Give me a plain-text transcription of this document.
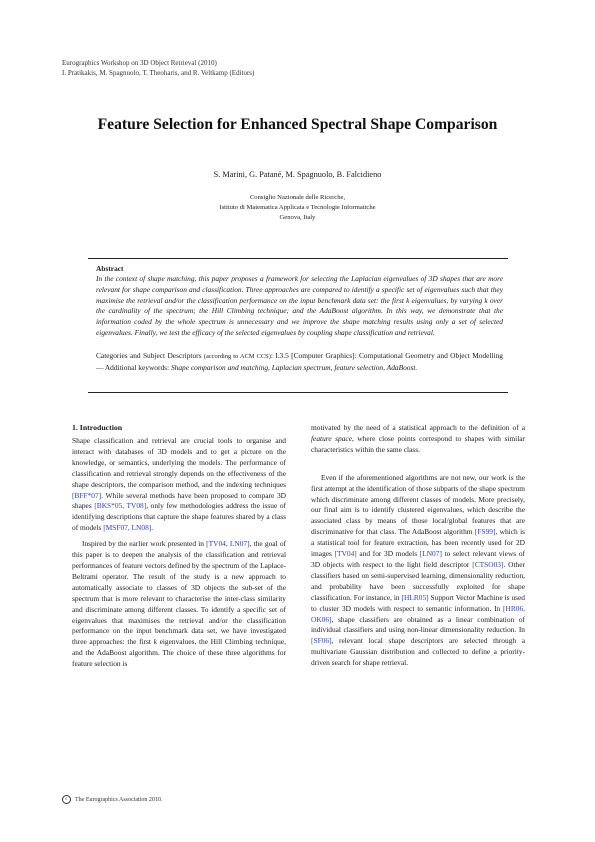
Eurographics Workshop on 3D Object Retrieval (2010)
I. Pratikakis, M. Spagnuolo, T. Theoharis, and R. Veltkamp (Editors)
Feature Selection for Enhanced Spectral Shape Comparison
S. Marini, G. Patané, M. Spagnuolo, B. Falcidieno
Consiglio Nazionale delle Ricerche,
Istituto di Matematica Applicata e Tecnologie Informatiche
Genova, Italy
Abstract
In the context of shape matching, this paper proposes a framework for selecting the Laplacian eigenvalues of 3D shapes that are more relevant for shape comparison and classification. Three approaches are compared to identify a specific set of eigenvalues such that they maximise the retrieval and/or the classification performance on the input benchmark data set: the first k eigenvalues, by varying k over the cardinality of the spectrum; the Hill Climbing technique; and the AdaBoost algorithm. In this way, we demonstrate that the information coded by the whole spectrum is unnecessary and we improve the shape matching results using only a set of selected eigenvalues. Finally, we test the efficacy of the selected eigenvalues by coupling shape classification and retrieval.
Categories and Subject Descriptors (according to ACM CCS): I.3.5 [Computer Graphics]: Computational Geometry and Object Modelling— Additional keywords: Shape comparison and matching, Laplacian spectrum, feature selection, AdaBoost.
1. Introduction

Shape classification and retrieval are crucial tools to organise and interact with databases of 3D models and to get a picture on the knowledge, or semantics, underlying the models. The performance of classification and retrieval strongly depends on the effectiveness of the shape descriptors, the comparison method, and the indexing techniques [BFF*07]. While several methods have been proposed to compare 3D shapes [BKS*05, TV08], only few methodologies address the issue of identifying descriptions that capture the shape features shared by a class of models [MSF07, LN08].

Inspired by the earlier work presented in [TV04, LN07], the goal of this paper is to deepen the analysis of the classification and retrieval performances of feature vectors defined by the spectrum of the Laplace-Beltrami operator. The result of the study is a new approach to automatically associate to classes of 3D objects the sub-set of the spectrum that is more relevant to characterise the inter-class similarity and discriminate among different classes. To identify a specific set of eigenvalues that maximises the retrieval and/or the classification performance on the input benchmark data set, we have investigated three approaches: the first k eigenvalues, the Hill Climbing technique, and the AdaBoost algorithm. The choice of these three algorithms for feature selection is

motivated by the need of a statistical approach to the definition of a feature space, where close points correspond to shapes with similar characteristics within the same class.

Even if the aforementioned algorithms are not new, our work is the first attempt at the identification of those subparts of the shape spectrum which discriminate among different classes of models. More precisely, our final aim is to identify clustered eigenvalues, which describe the associated class by means of those local/global features that are discriminative for that class. The AdaBoost algorithm [FS99], which is a statistical tool for feature extraction, has been recently used for 2D images [TV04] and for 3D models [LN07] to select relevant views of 3D objects with respect to the light field descriptor [CTSO03]. Other classifiers based on semi-supervised learning, dimensionality reduction, and probability have been successfully exploited for shape classification. For instance, in [HLR05] Support Vector Machine is used to cluster 3D models with respect to semantic information. In [HR06, OK06], shape classifiers are obtained as a linear combination of individual classifiers and using non-linear dimensionality reduction. In [SF06], relevant local shape descriptors are selected through a multivariate Gaussian distribution and collected to define a priority-driven search for shape retrieval.

c	The Eurographics Association 2010.
